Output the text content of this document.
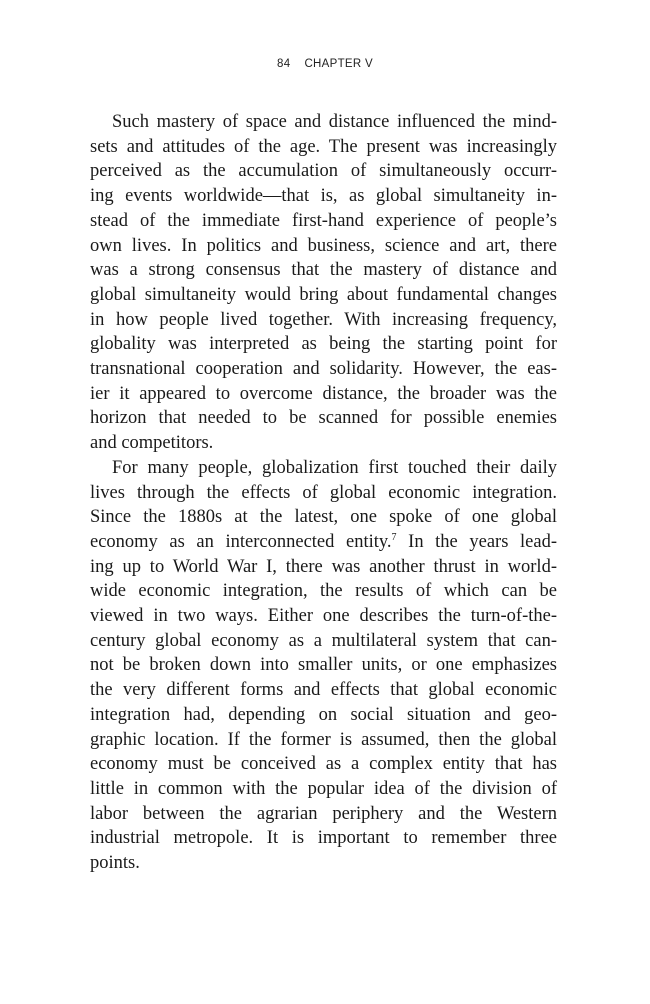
84 CHAPTER V
Such mastery of space and distance influenced the mind-
sets and attitudes of the age. The present was increasingly
perceived as the accumulation of simultaneously occurr-
ing events worldwide—that is, as global simultaneity in-
stead of the immediate first-hand experience of people’s
own lives. In politics and business, science and art, there
was a strong consensus that the mastery of distance and
global simultaneity would bring about fundamental changes
in how people lived together. With increasing frequency,
globality was interpreted as being the starting point for
transnational cooperation and solidarity. However, the eas-
ier it appeared to overcome distance, the broader was the
horizon that needed to be scanned for possible enemies
and competitors.
For many people, globalization first touched their daily
lives through the effects of global economic integration.
Since the 1880s at the latest, one spoke of one global
economy as an interconnected entity.$^7$ In the years lead-
ing up to World War I, there was another thrust in world-
wide economic integration, the results of which can be
viewed in two ways. Either one describes the turn-of-the-
century global economy as a multilateral system that can-
not be broken down into smaller units, or one emphasizes
the very different forms and effects that global economic
integration had, depending on social situation and geo-
graphic location. If the former is assumed, then the global
economy must be conceived as a complex entity that has
little in common with the popular idea of the division of
labor between the agrarian periphery and the Western
industrial metropole. It is important to remember three
points.
